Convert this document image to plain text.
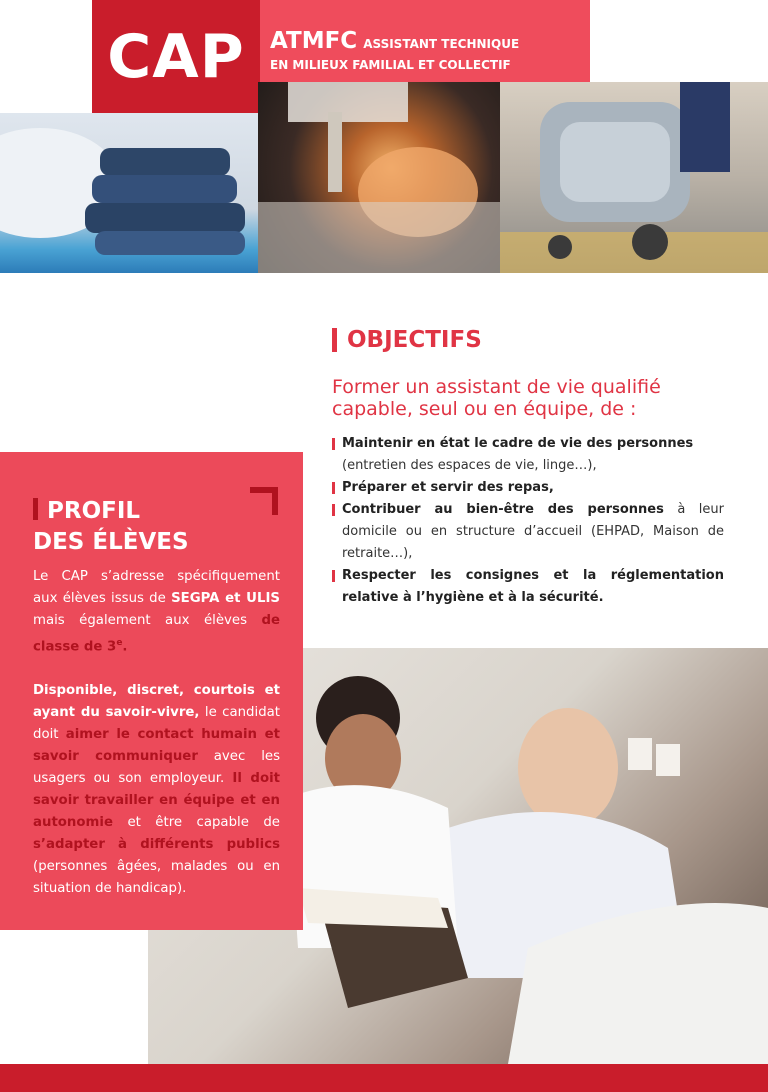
CAP ATMFC ASSISTANT TECHNIQUE
EN MILIEUX FAMILIAL ET COLLECTIF
OBJECTIFS
Former un assistant de vie qualifié capable, seul ou en équipe, de :
Maintenir en état le cadre de vie des personnes
(entretien des espaces de vie, linge…),
Préparer et servir des repas,
Contribuer au bien-être des personnes à leur domicile ou en structure d’accueil (EHPAD, Maison de retraite…),
Respecter les consignes et la réglementation relative à l’hygiène et à la sécurité.
PROFIL
DES ÉLÈVES

Le CAP s’adresse spécifiquement aux élèves issus de SEGPA et ULIS mais également aux élèves de classe de 3e.

Disponible, discret, courtois et ayant du savoir-vivre, le candidat doit aimer le contact humain et savoir communiquer avec les usagers ou son employeur. Il doit savoir travailler en équipe et en autonomie et être capable de s’adapter à différents publics (personnes âgées, malades ou en situation de handicap).
